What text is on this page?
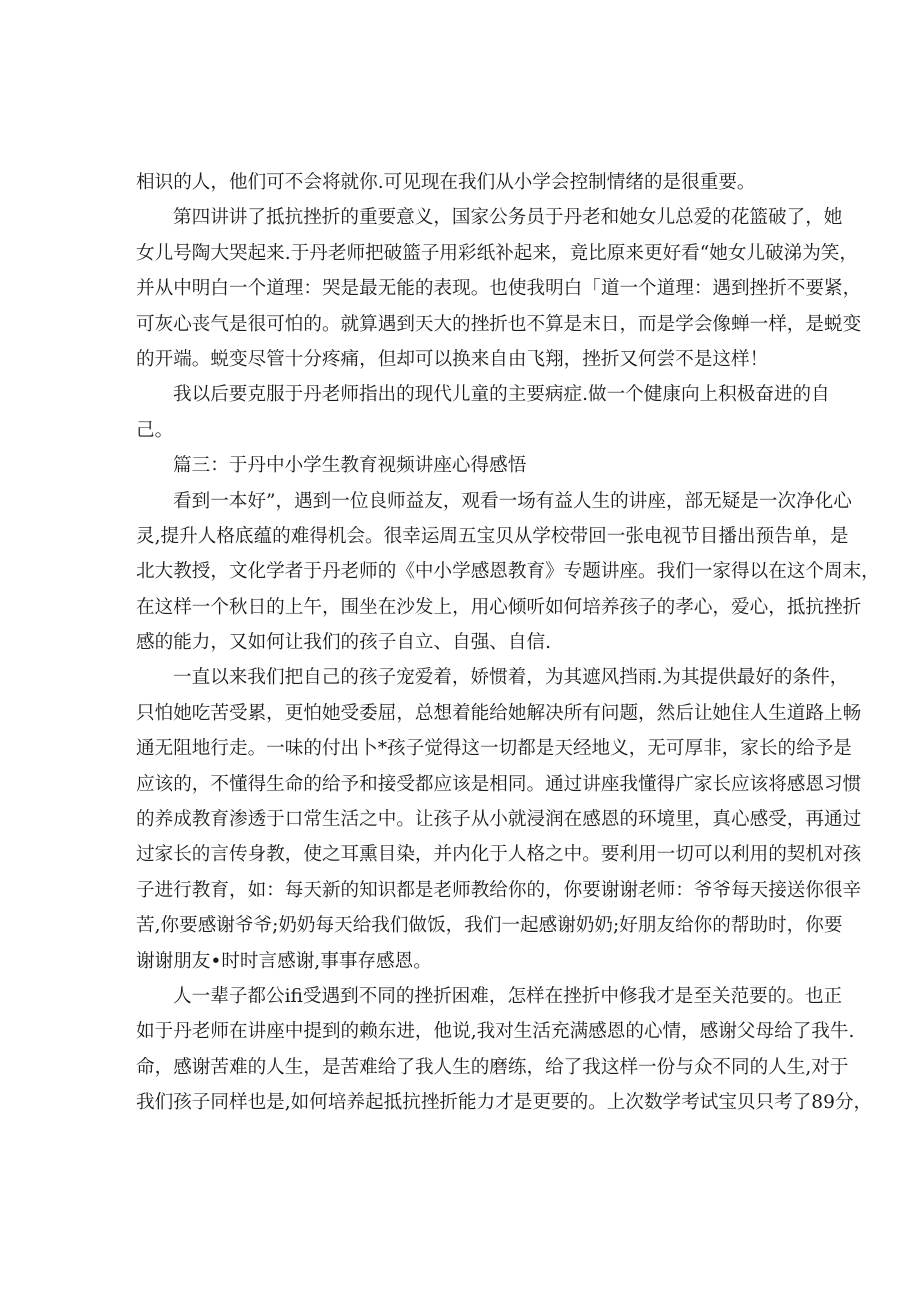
相识的人，他们可不会将就你.可见现在我们从小学会控制情绪的是很重要。
第四讲讲了抵抗挫折的重要意义，国家公务员于丹老和她女儿总爱的花篮破了，她
女儿号陶大哭起来.于丹老师把破篮子用彩纸补起来，竟比原来更好看“她女儿破涕为笑，
并从中明白一个道理：哭是最无能的表现。也使我明白「道一个道理：遇到挫折不要紧，
可灰心丧气是很可怕的。就算遇到天大的挫折也不算是末日，而是学会像蝉一样，是蜕变
的开端。蜕变尽管十分疼痛，但却可以换来自由飞翔，挫折又何尝不是这样！
我以后要克服于丹老师指出的现代儿童的主要病症.做一个健康向上积极奋进的自
己。
篇三：于丹中小学生教育视频讲座心得感悟
看到一本好”，遇到一位良师益友，观看一场有益人生的讲座，部无疑是一次净化心
灵,提升人格底蕴的难得机会。很幸运周五宝贝从学校带回一张电视节目播出预告单，是
北大教授，文化学者于丹老师的《中小学感恩教育》专题讲座。我们一家得以在这个周末，
在这样一个秋日的上午，围坐在沙发上，用心倾听如何培养孩子的孝心，爱心，抵抗挫折
感的能力，又如何让我们的孩子自立、自强、自信.
一直以来我们把自己的孩子宠爱着，娇惯着，为其遮风挡雨.为其提供最好的条件，
只怕她吃苦受累，更怕她受委屈，总想着能给她解决所有问题，然后让她住人生道路上畅
通无阻地行走。一味的付出卜*孩子觉得这一切都是天经地义，无可厚非，家长的给予是
应该的，不懂得生命的给予和接受都应该是相同。通过讲座我懂得广家长应该将感恩习惯
的养成教育渗透于口常生活之中。让孩子从小就浸润在感恩的环境里，真心感受，再通过
过家长的言传身教，使之耳熏目染，并内化于人格之中。要利用一切可以利用的契机对孩
子进行教育，如：每天新的知识都是老师教给你的，你要谢谢老师：爷爷每天接送你很辛
苦,你要感谢爷爷;奶奶每天给我们做饭，我们一起感谢奶奶;好朋友给你的帮助时，你要
谢谢朋友•时时言感谢,事事存感恩。
人一辈子都公ifi受遇到不同的挫折困难，怎样在挫折中修我才是至关范要的。也正
如于丹老师在讲座中提到的赖东进，他说,我对生活充满感恩的心情，感谢父母给了我牛.
命，感谢苦难的人生，是苦难给了我人生的磨练，给了我这样一份与众不同的人生,对于
我们孩子同样也是,如何培养起抵抗挫折能力才是更要的。上次数学考试宝贝只考了89分，
